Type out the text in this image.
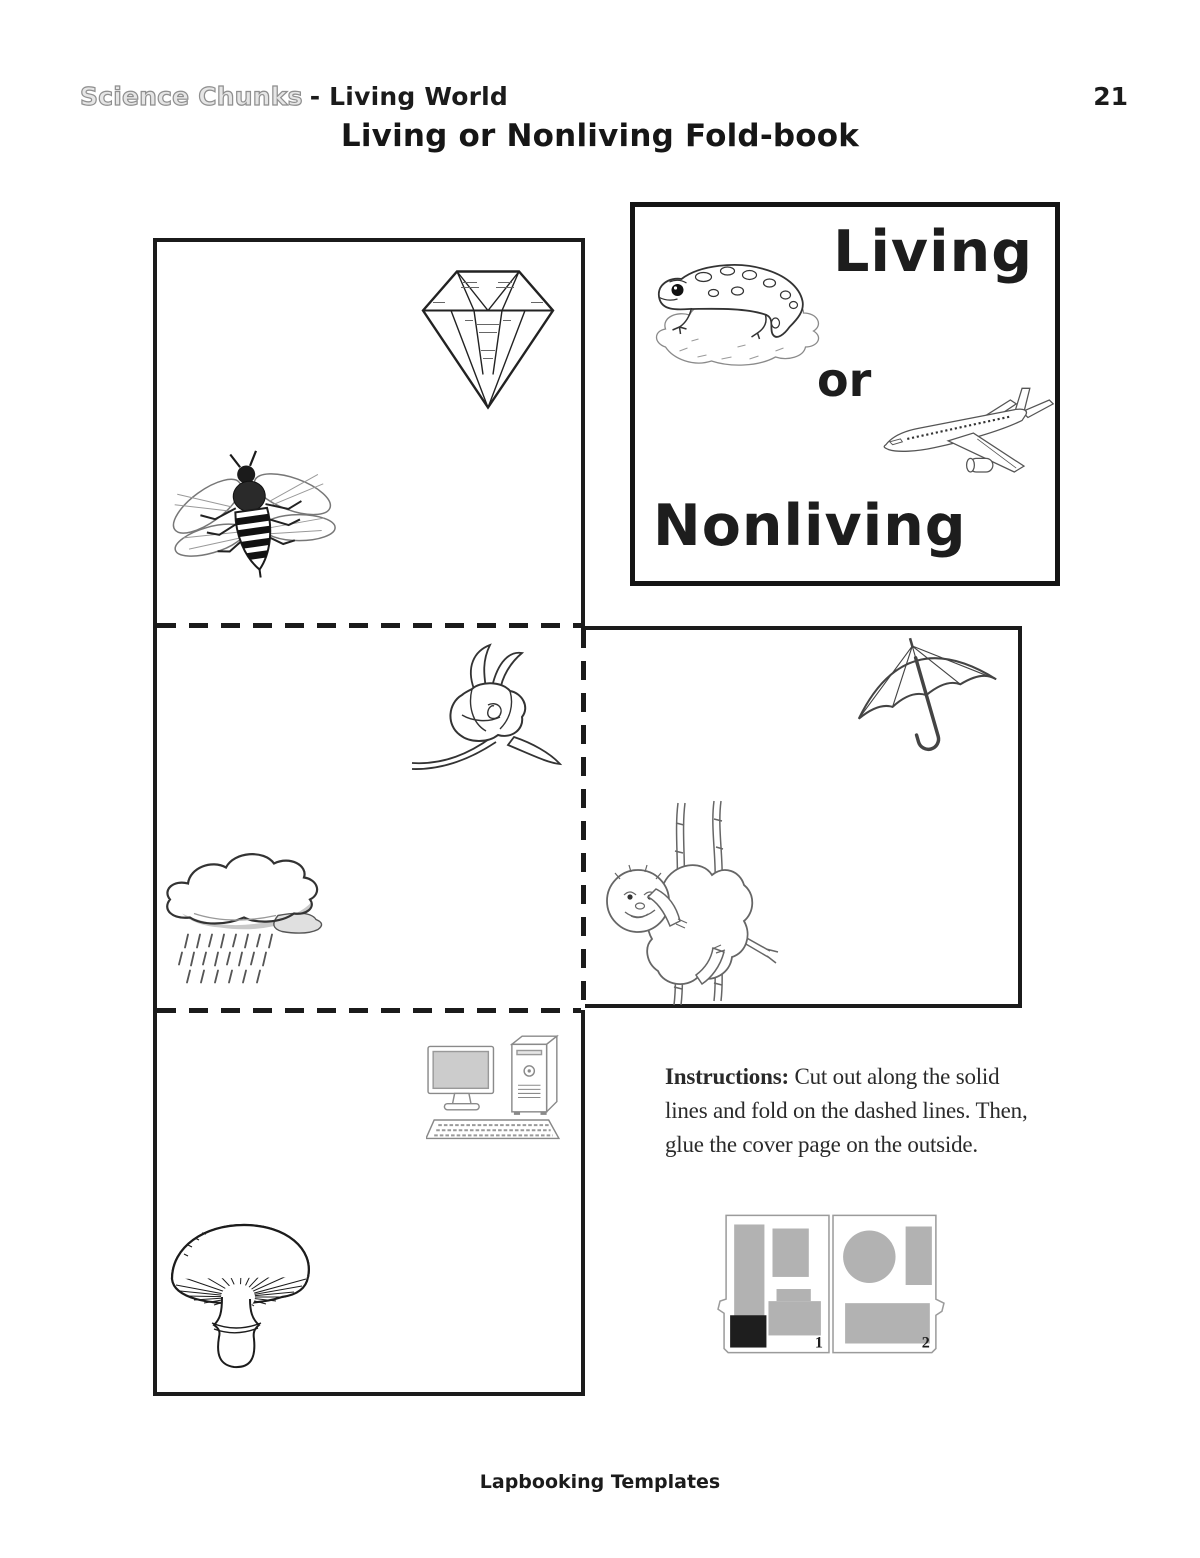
Science Chunks - Living World	21
Living or Nonliving Fold-book
Living
or
Nonliving
Instructions: Cut out along the solid
lines and fold on the dashed lines. Then,
glue the cover page on the outside.
1	2
Lapbooking Templates
